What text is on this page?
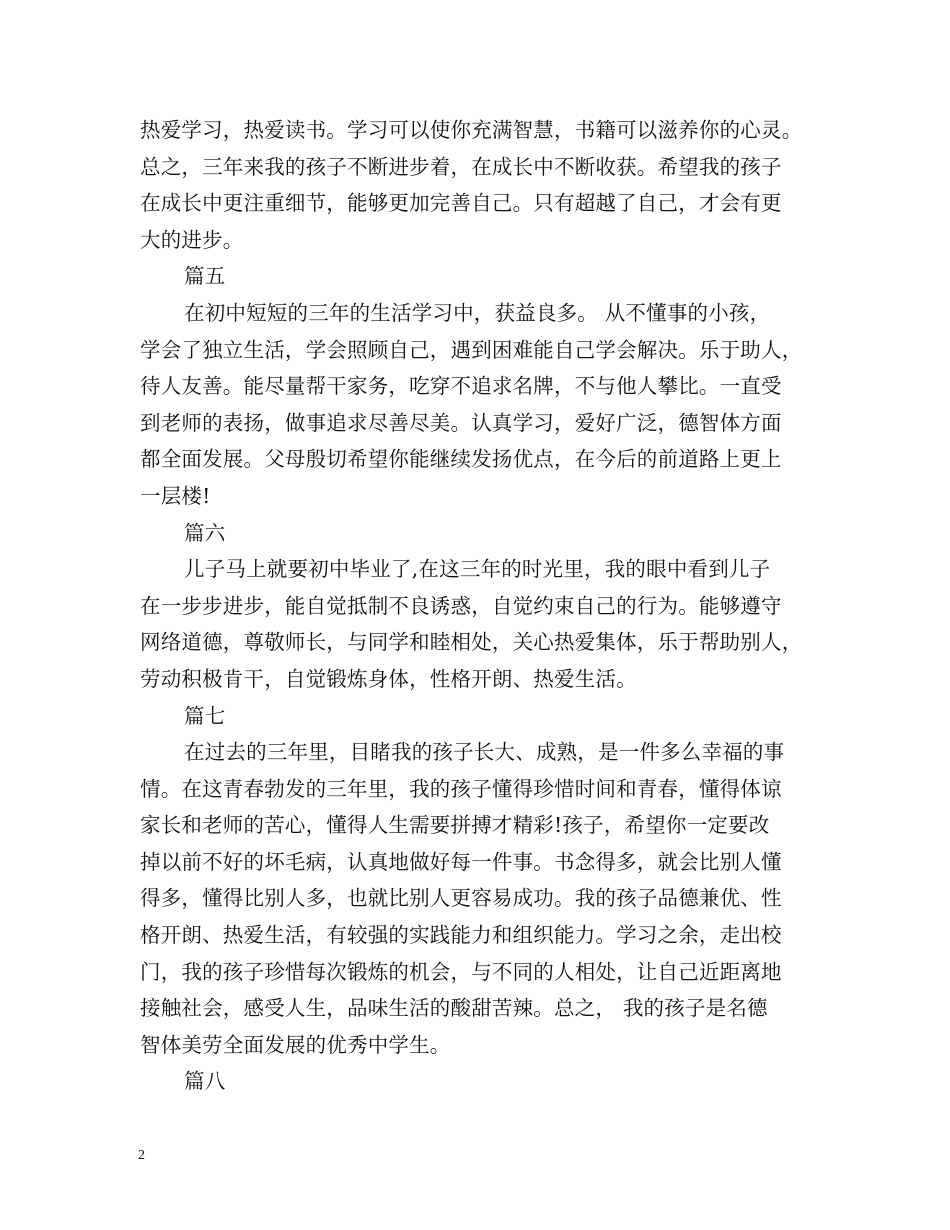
热爱学习，热爱读书。学习可以使你充满智慧，书籍可以滋养你的心灵。
总之，三年来我的孩子不断进步着，在成长中不断收获。希望我的孩子
在成长中更注重细节，能够更加完善自己。只有超越了自己，才会有更
大的进步。
篇五
在初中短短的三年的生活学习中，获益良多。 从不懂事的小孩，
学会了独立生活，学会照顾自己，遇到困难能自己学会解决。乐于助人，
待人友善。能尽量帮干家务，吃穿不追求名牌，不与他人攀比。一直受
到老师的表扬，做事追求尽善尽美。认真学习，爱好广泛，德智体方面
都全面发展。父母殷切希望你能继续发扬优点，在今后的前道路上更上
一层楼!
篇六
儿子马上就要初中毕业了,在这三年的时光里，我的眼中看到儿子
在一步步进步，能自觉抵制不良诱惑，自觉约束自己的行为。能够遵守
网络道德，尊敬师长，与同学和睦相处，关心热爱集体，乐于帮助别人，
劳动积极肯干，自觉锻炼身体，性格开朗、热爱生活。
篇七
在过去的三年里，目睹我的孩子长大、成熟，是一件多么幸福的事
情。在这青春勃发的三年里，我的孩子懂得珍惜时间和青春，懂得体谅
家长和老师的苦心，懂得人生需要拼搏才精彩!孩子，希望你一定要改
掉以前不好的坏毛病，认真地做好每一件事。书念得多，就会比别人懂
得多，懂得比别人多，也就比别人更容易成功。我的孩子品德兼优、性
格开朗、热爱生活，有较强的实践能力和组织能力。学习之余，走出校
门，我的孩子珍惜每次锻炼的机会，与不同的人相处，让自己近距离地
接触社会，感受人生，品味生活的酸甜苦辣。总之， 我的孩子是名德
智体美劳全面发展的优秀中学生。
篇八
2
